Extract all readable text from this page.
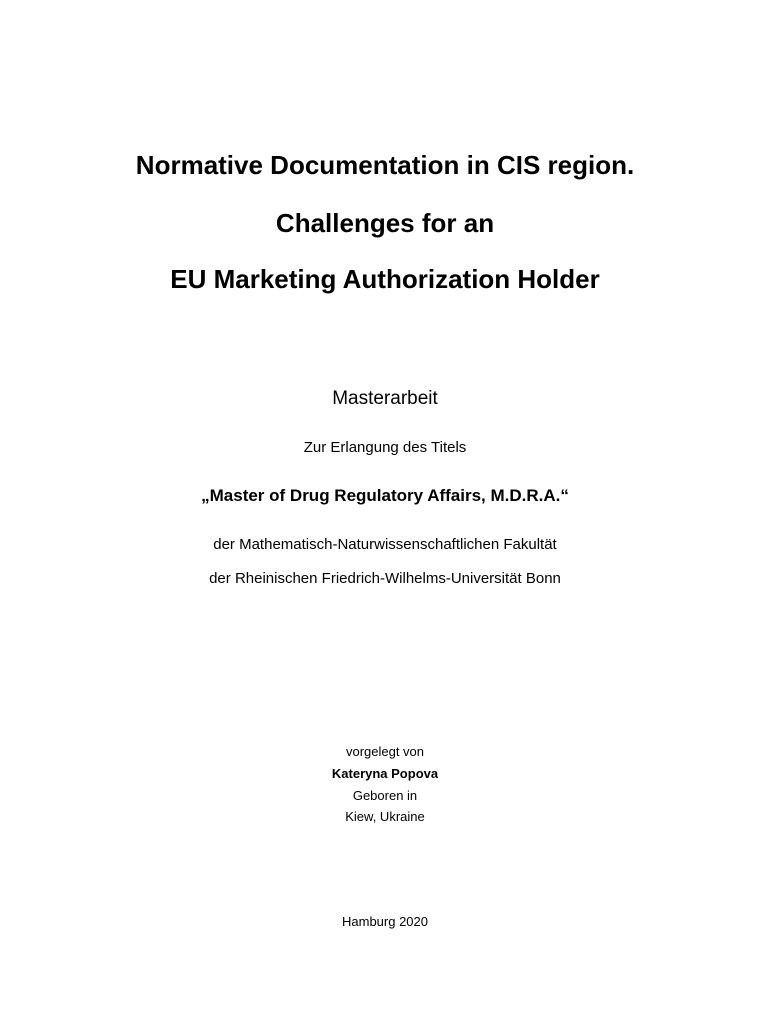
Normative Documentation in CIS region.
Challenges for an
EU Marketing Authorization Holder
Masterarbeit
Zur Erlangung des Titels
„Master of Drug Regulatory Affairs, M.D.R.A.“
der Mathematisch-Naturwissenschaftlichen Fakultät
der Rheinischen Friedrich-Wilhelms-Universität Bonn
vorgelegt von
Kateryna Popova
Geboren in
Kiew, Ukraine
Hamburg 2020
